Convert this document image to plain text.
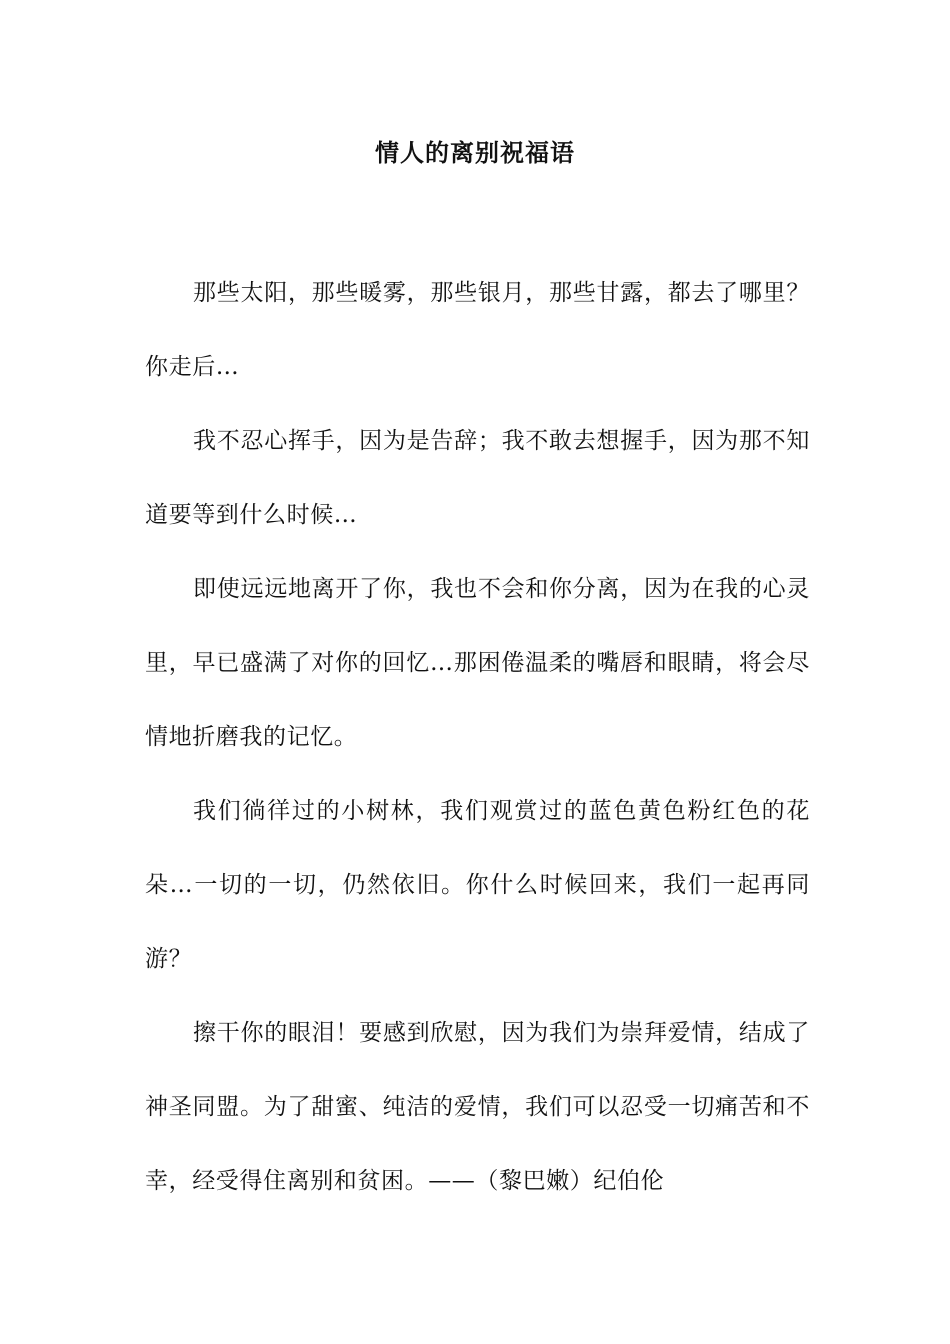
情人的离别祝福语

那些太阳，那些暖雾，那些银月，那些甘露，都去了哪里？你走后…

我不忍心挥手，因为是告辞；我不敢去想握手，因为那不知道要等到什么时候…

即使远远地离开了你，我也不会和你分离，因为在我的心灵里，早已盛满了对你的回忆…那困倦温柔的嘴唇和眼睛，将会尽情地折磨我的记忆。

我们徜徉过的小树林，我们观赏过的蓝色黄色粉红色的花朵…一切的一切，仍然依旧。你什么时候回来，我们一起再同游？

擦干你的眼泪！要感到欣慰，因为我们为崇拜爱情，结成了神圣同盟。为了甜蜜、纯洁的爱情，我们可以忍受一切痛苦和不幸，经受得住离别和贫困。——（黎巴嫩）纪伯伦
